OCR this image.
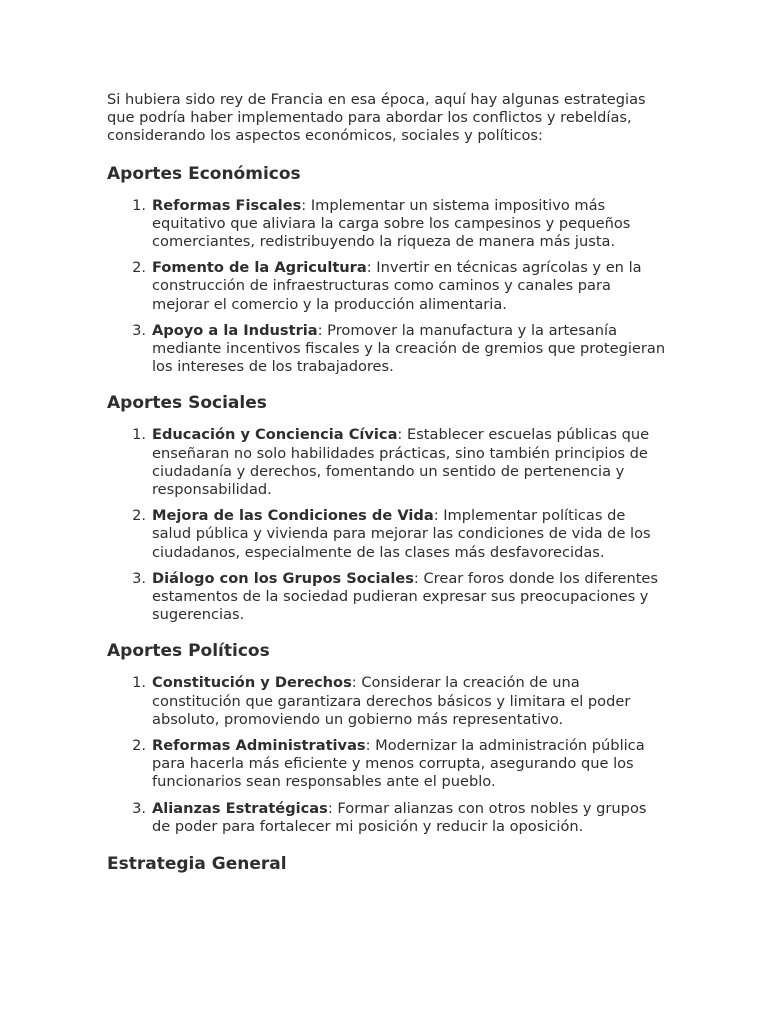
Si hubiera sido rey de Francia en esa época, aquí hay algunas estrategias que podría haber implementado para abordar los conflictos y rebeldías, considerando los aspectos económicos, sociales y políticos:

Aportes Económicos
1. Reformas Fiscales: Implementar un sistema impositivo más equitativo que aliviara la carga sobre los campesinos y pequeños comerciantes, redistribuyendo la riqueza de manera más justa.
2. Fomento de la Agricultura: Invertir en técnicas agrícolas y en la construcción de infraestructuras como caminos y canales para mejorar el comercio y la producción alimentaria.
3. Apoyo a la Industria: Promover la manufactura y la artesanía mediante incentivos fiscales y la creación de gremios que protegieran los intereses de los trabajadores.
Aportes Sociales
1. Educación y Conciencia Cívica: Establecer escuelas públicas que enseñaran no solo habilidades prácticas, sino también principios de ciudadanía y derechos, fomentando un sentido de pertenencia y responsabilidad.
2. Mejora de las Condiciones de Vida: Implementar políticas de salud pública y vivienda para mejorar las condiciones de vida de los ciudadanos, especialmente de las clases más desfavorecidas.
3. Diálogo con los Grupos Sociales: Crear foros donde los diferentes estamentos de la sociedad pudieran expresar sus preocupaciones y sugerencias.
Aportes Políticos
1. Constitución y Derechos: Considerar la creación de una constitución que garantizara derechos básicos y limitara el poder absoluto, promoviendo un gobierno más representativo.
2. Reformas Administrativas: Modernizar la administración pública para hacerla más eficiente y menos corrupta, asegurando que los funcionarios sean responsables ante el pueblo.
3. Alianzas Estratégicas: Formar alianzas con otros nobles y grupos de poder para fortalecer mi posición y reducir la oposición.
Estrategia General
